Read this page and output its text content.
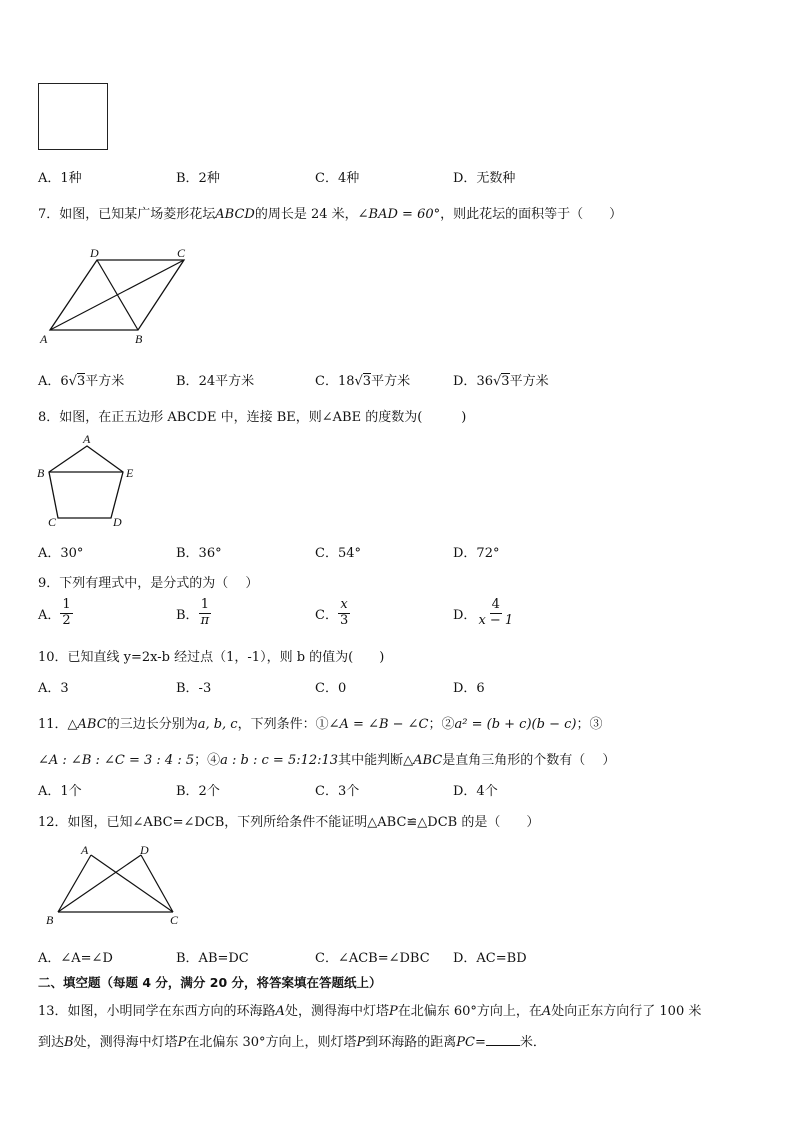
A．1种	B．2种	C．4种	D．无数种
7．如图，已知某广场菱形花坛ABCD的周长是 24 米，∠BAD = 60°，则此花坛的面积等于（　　）
D	C
A	B
A．6√3平方米	B．24平方米	C．18√3平方米	D．36√3平方米
8．如图，在正五边形 ABCDE 中，连接 BE，则∠ABE 的度数为(　　　)
A
B	E
C	D
A．30°	B．36°	C．54°	D．72°
9．下列有理式中，是分式的为（　 ）
A． $\frac{1}{2}$	B． $\frac{1}{\pi}$	C． $\frac{x}{3}$	D． $\frac{4}{x - 1}$
10．已知直线 y=2x-b 经过点（1，-1），则 b 的值为(　　)
A．3	B．-3	C．0	D．6
11．△ABC的三边长分别为a, b, c，下列条件：①∠A = ∠B − ∠C；②a² = (b + c)(b − c)；③
∠A : ∠B : ∠C = 3 : 4 : 5；④a : b : c = 5:12:13其中能判断△ABC是直角三角形的个数有（　 ）
A．1个	B．2个	C．3个	D．4个
12．如图，已知∠ABC=∠DCB，下列所给条件不能证明△ABC≌△DCB 的是（　　）
A	D
B	C
A．∠A=∠D	B．AB=DC	C．∠ACB=∠DBC D．AC=BD
二、填空题（每题 4 分，满分 20 分，将答案填在答题纸上）
13．如图，小明同学在东西方向的环海路A处，测得海中灯塔P在北偏东 60°方向上，在A处向正东方向行了 100 米
到达B处，测得海中灯塔P在北偏东 30°方向上，则灯塔P到环海路的距离PC=	米．
